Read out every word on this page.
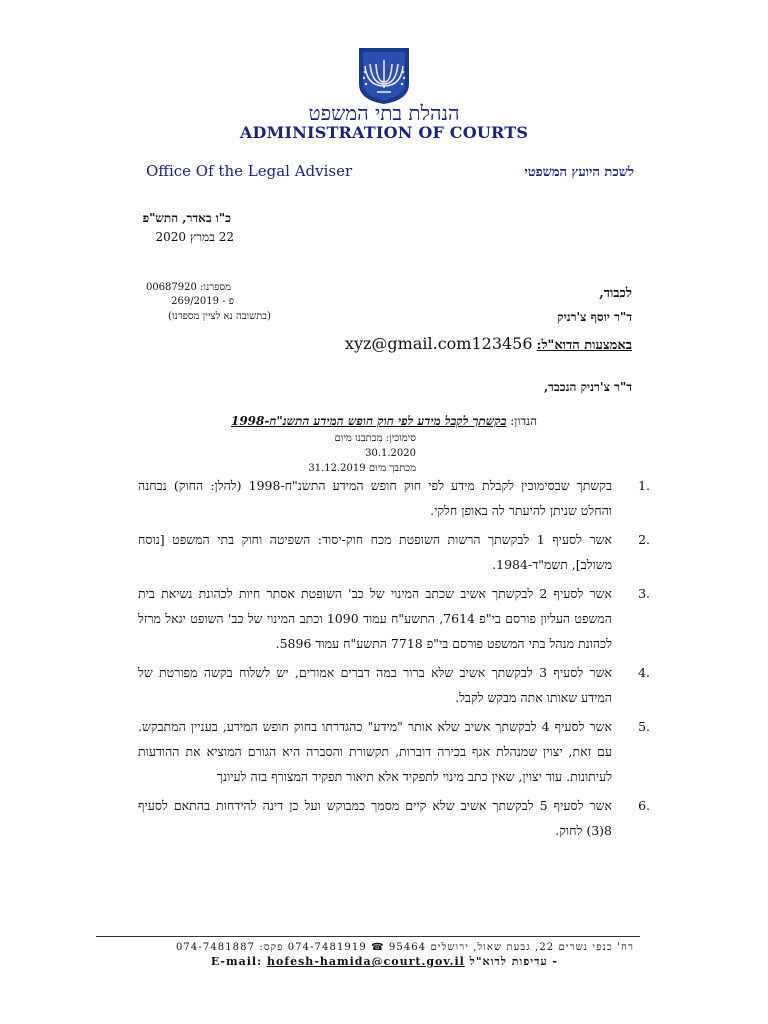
הנהלת בתי המשפט
ADMINISTRATION OF COURTS
Office Of the Legal Adviser	לשכת היועץ המשפטי
כ"ו באדר, התש"פ
22 במרץ 2020
מספרנו: 00687920
פ - 269/2019
(בתשובה נא לציין מספרנו)
לכבוד,
ד"ר יוסף צ'רניק
באמצעות הדוא"ל: xyz@gmail.com123456
ד"ר צ'רניק הנכבד,
הנדון: בקשתך לקבל מידע לפי חוק חופש המידע התשנ"ח-1998
סימוכין: מכתבנו מיום 30.1.2020
מכתבך מיום 31.12.2019
1.
בקשתך שבסימוכין לקבלת מידע לפי חוק חופש המידע התשנ"ח-1998 (להלן: החוק) נבחנה והחלט שניתן להיעתר לה באופן חלקי.
2.
אשר לסעיף 1 לבקשתך הרשות השופטת מכח חוק-יסוד: השפיטה וחוק בתי המשפט [נוסח משולב], תשמ"ד-1984.
3.
אשר לסעיף 2 לבקשתך אשיב שכתב המינוי של כב' השופטת אסתר חיות לכהונת נשיאת בית המשפט העליון פורסם בי"פ 7614, התשע"ח עמוד 1090 וכתב המינוי של כב' השופט יגאל מרזל לכהונת מנהל בתי המשפט פורסם בי"פ 7718 התשע"ח עמוד 5896.
4.
אשר לסעיף 3 לבקשתך אשיב שלא ברור במה דברים אמורים, יש לשלוח בקשה מפורטת של המידע שאותו אתה מבקש לקבל.
5.
אשר לסעיף 4 לבקשתך אשיב שלא אותר "מידע" כהגדרתו בחוק חופש המידע, בעניין המתבקש. עם זאת, יצוין שמנהלת אגף בכירה דוברות, תקשורת והסברה היא הגורם המוציא את ההודעות לעיתונות. עוד יצוין, שאין כתב מינוי לתפקיד אלא תיאור תפקיד המצורף בזה לעיונך
6.
אשר לסעיף 5 לבקשתך אשיב שלא קיים מסמך כמבוקש ועל כן דינה להידחות בהתאם לסעיף 8(3) לחוק.
רח' כנפי נשרים 22, גבעת שאול, ירושלים 95464 ☎ 074-7481919 פקס: 074-7481887
- עדיפות לדוא"ל E-mail: hofesh-hamida@court.gov.il
